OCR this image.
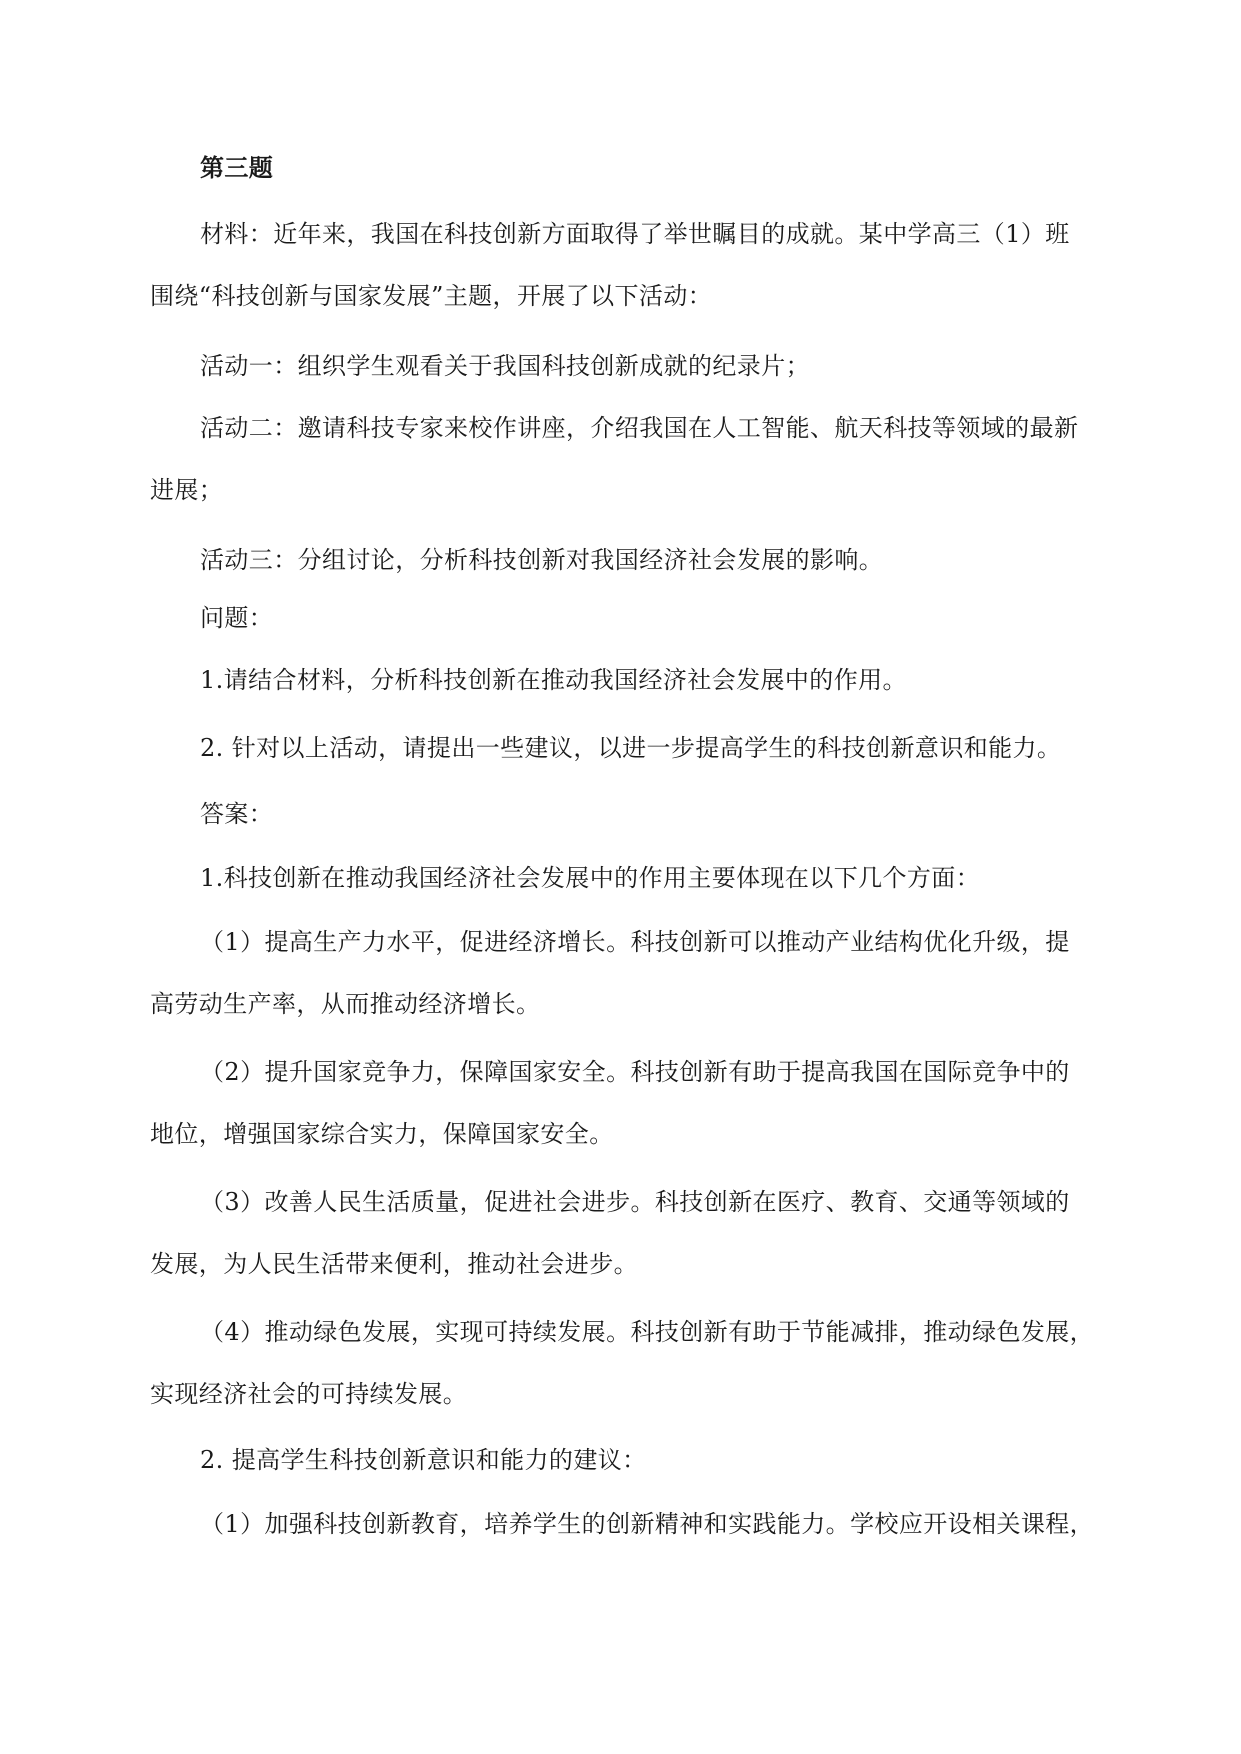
第三题
材料：近年来，我国在科技创新方面取得了举世瞩目的成就。某中学高三（1）班
围绕“科技创新与国家发展”主题，开展了以下活动：
活动一：组织学生观看关于我国科技创新成就的纪录片；
活动二：邀请科技专家来校作讲座，介绍我国在人工智能、航天科技等领域的最新
进展；
活动三：分组讨论，分析科技创新对我国经济社会发展的影响。
问题：
1.请结合材料，分析科技创新在推动我国经济社会发展中的作用。
2. 针对以上活动，请提出一些建议，以进一步提高学生的科技创新意识和能力。
答案：
1.科技创新在推动我国经济社会发展中的作用主要体现在以下几个方面：
（1）提高生产力水平，促进经济增长。科技创新可以推动产业结构优化升级，提
高劳动生产率，从而推动经济增长。
（2）提升国家竞争力，保障国家安全。科技创新有助于提高我国在国际竞争中的
地位，增强国家综合实力，保障国家安全。
（3）改善人民生活质量，促进社会进步。科技创新在医疗、教育、交通等领域的
发展，为人民生活带来便利，推动社会进步。
（4）推动绿色发展，实现可持续发展。科技创新有助于节能减排，推动绿色发展，
实现经济社会的可持续发展。
2. 提高学生科技创新意识和能力的建议：
（1）加强科技创新教育，培养学生的创新精神和实践能力。学校应开设相关课程，
